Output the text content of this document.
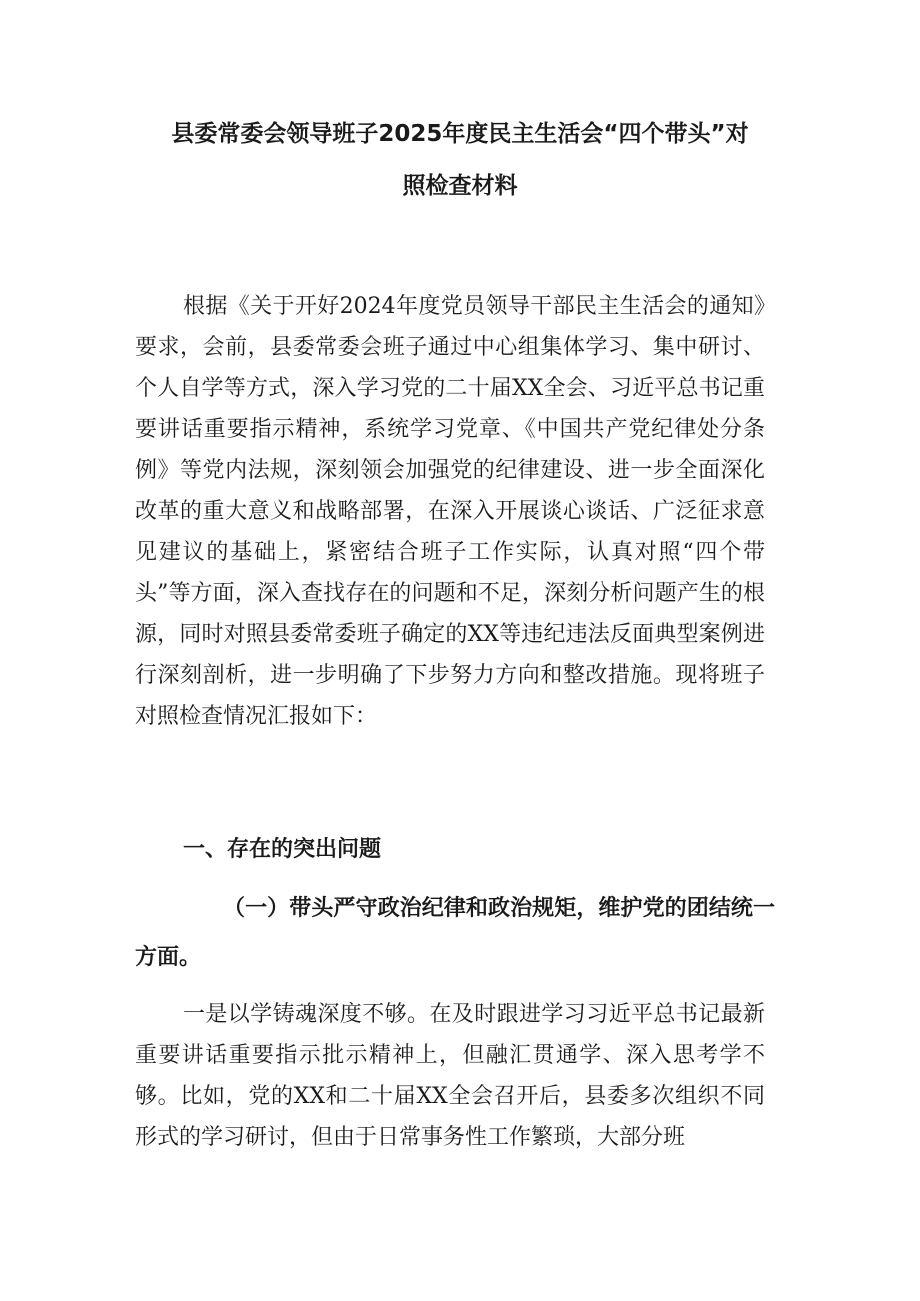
县委常委会领导班子2025年度民主生活会“四个带头”对
照检查材料

根据《关于开好2024年度党员领导干部民主生活会的通知》要求，会前，县委常委会班子通过中心组集体学习、集中研讨、个人自学等方式，深入学习党的二十届XX全会、习近平总书记重要讲话重要指示精神，系统学习党章、《中国共产党纪律处分条例》等党内法规，深刻领会加强党的纪律建设、进一步全面深化改革的重大意义和战略部署，在深入开展谈心谈话、广泛征求意见建议的基础上，紧密结合班子工作实际，认真对照“四个带头”等方面，深入查找存在的问题和不足，深刻分析问题产生的根源，同时对照县委常委班子确定的XX等违纪违法反面典型案例进行深刻剖析，进一步明确了下步努力方向和整改措施。现将班子对照检查情况汇报如下：

一、存在的突出问题
（一）带头严守政治纪律和政治规矩，维护党的团结统一方面。

一是以学铸魂深度不够。在及时跟进学习习近平总书记最新重要讲话重要指示批示精神上，但融汇贯通学、深入思考学不够。比如，党的XX和二十届XX全会召开后，县委多次组织不同形式的学习研讨，但由于日常事务性工作繁琐，大部分班
